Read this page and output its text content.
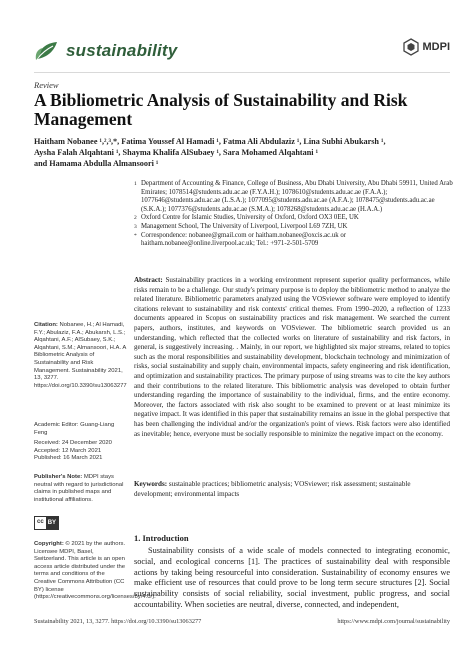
sustainability	MDPI
Review
A Bibliometric Analysis of Sustainability and Risk Management
Haitham Nobanee ¹,²,³,*, Fatima Youssef Al Hamadi ¹, Fatma Ali Abdulaziz ¹, Lina Subhi Abukarsh ¹,
Aysha Falah Alqahtani ¹, Shayma Khalifa AlSubaey ¹, Sara Mohamed Alqahtani ¹
and Hamama Abdulla Almansoori ¹
1 Department of Accounting & Finance, College of Business, Abu Dhabi University, Abu Dhabi 59911, United Arab Emirates; 1078514@students.adu.ac.ae (F.Y.A.H.); 1078610@students.adu.ac.ae (F.A.A.); 1077646@students.adu.ac.ae (L.S.A.); 1077095@students.adu.ac.ae (A.F.A.); 1078475@students.adu.ac.ae (S.K.A.); 1077376@students.adu.ac.ae (S.M.A.); 1078268@students.adu.ac.ae (H.A.A.)
2 Oxford Centre for Islamic Studies, University of Oxford, Oxford OX3 0EE, UK
3 Management School, The University of Liverpool, Liverpool L69 7ZH, UK
* Correspondence: nobanee@gmail.com or haitham.nobanee@oxcis.ac.uk or haitham.nobanee@online.liverpool.ac.uk; Tel.: +971-2-501-5709
Abstract: Sustainability practices in a working environment represent superior quality performances, while risks remain to be a challenge. Our study's primary purpose is to deploy the bibliometric method to analyze the related literature. Bibliometric parameters analyzed using the VOSviewer software were employed to identify citations relevant to sustainability and risk contexts' critical themes. From 1990–2020, a reflection of 1233 documents appeared in Scopus on sustainability practices and risk management. We searched the current papers, authors, institutes, and keywords on VOSviewer. The bibliometric search provided us an understanding, which reflected that the collected works on literature of sustainability and risk factors, in general, is suggestively increasing. . Mainly, in our report, we highlighted six major streams, related to topics such as the moral responsibilities and sustainability development, blockchain technology and minimization of risks, social sustainability and supply chain, environmental impacts, safety engineering and risk identification, and optimization and sustainability practices. The primary purpose of using streams was to cite the key authors and their contributions to the related literature. This bibliometric analysis was developed to obtain further understanding regarding the importance of sustainability to the individual, firms, and the entire economy. Moreover, the factors associated with risk also sought to be examined to prevent or at least minimize its negative impact. It was identified in this paper that sustainability remains an issue in the global perspective that has been challenging the individual and/or the organization's point of views. Risk factors were also identified as inevitable; hence, everyone must be socially responsible to minimize the negative impact on the economy.
Keywords: sustainable practices; bibliometric analysis; VOSviewer; risk assessment; sustainable development; environmental impacts
Citation: Nobanee, H.; Al Hamadi, F.Y.; Abulaziz, F.A.; Abukarsh, L.S.; Alqahtani, A.F.; AlSubaey, S.K.; Alqahtani, S.M.; Almansoori, H.A. A Bibliometric Analysis of Sustainability and Risk Management. Sustainability 2021, 13, 3277. https://doi.org/10.3390/su13063277
Academic Editor: Guang-Liang Feng
Received: 24 December 2020
Accepted: 12 March 2021
Published: 16 March 2021
Publisher's Note: MDPI stays neutral with regard to jurisdictional claims in published maps and institutional affiliations.
cc BY
Copyright: © 2021 by the authors. Licensee MDPI, Basel, Switzerland. This article is an open access article distributed under the terms and conditions of the Creative Commons Attribution (CC BY) license (https://creativecommons.org/licenses/by/4.0/).
1. Introduction
Sustainability consists of a wide scale of models connected to integrating economic, social, and ecological concerns [1]. The practices of sustainability deal with responsible actions by taking being resourceful into consideration. Sustainability of economy ensures we make efficient use of resources that could prove to be long term secure structures [2]. Social sustainability consists of social reliability, social investment, public progress, and social accountability. When societies are neutral, diverse, connected, and independent,
Sustainability 2021, 13, 3277. https://doi.org/10.3390/su13063277	https://www.mdpi.com/journal/sustainability
